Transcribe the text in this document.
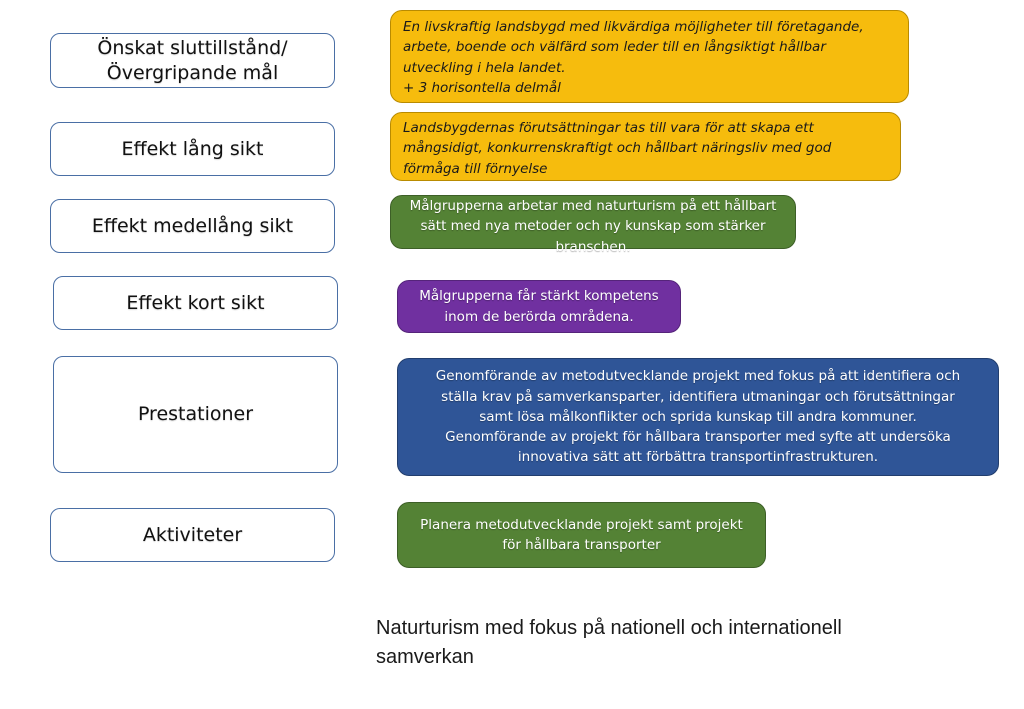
Önskat sluttillstånd/
Övergripande mål
Effekt lång sikt
Effekt medellång sikt
Effekt kort sikt
Prestationer
Aktiviteter
En livskraftig landsbygd med likvärdiga möjligheter till företagande,
arbete, boende och välfärd som leder till en långsiktigt hållbar
utveckling i hela landet.
+ 3 horisontella delmål
Landsbygdernas förutsättningar tas till vara för att skapa ett
mångsidigt, konkurrenskraftigt och hållbart näringsliv med god
förmåga till förnyelse
Målgrupperna arbetar med naturturism på ett hållbart
sätt med nya metoder och ny kunskap som stärker
branschen.
Målgrupperna får stärkt kompetens
inom de berörda områdena.
Genomförande av metodutvecklande projekt med fokus på att identifiera och
ställa krav på samverkansparter, identifiera utmaningar och förutsättningar
samt lösa målkonflikter och sprida kunskap till andra kommuner.
Genomförande av projekt för hållbara transporter med syfte att undersöka
innovativa sätt att förbättra transportinfrastrukturen.
Planera metodutvecklande projekt samt projekt
för hållbara transporter
Naturturism med fokus på nationell och internationell samverkan
